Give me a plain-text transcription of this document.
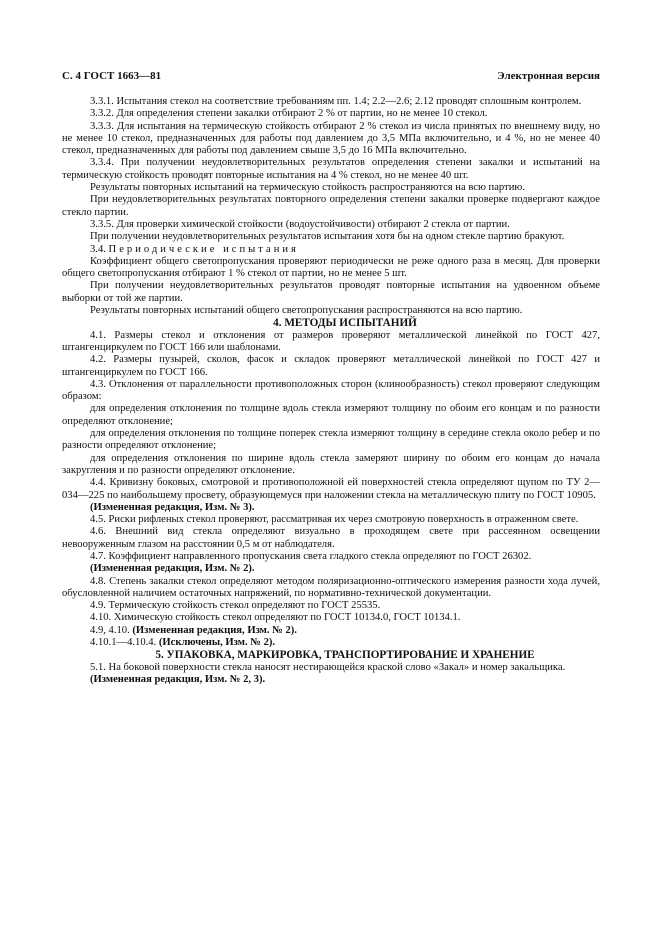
С. 4 ГОСТ 1663—81	Электронная версия

3.3.1. Испытания стекол на соответствие требованиям пп. 1.4; 2.2—2.6; 2.12 проводят сплошным контролем.

3.3.2. Для определения степени закалки отбирают 2 % от партии, но не менее 10 стекол.

3.3.3. Для испытания на термическую стойкость отбирают 2 % стекол из числа принятых по внешнему виду, но не менее 10 стекол, предназначенных для работы под давлением до 3,5 МПа включительно, и 4 %, но не менее 40 стекол, предназначенных для работы под давлением свыше 3,5 до 16 МПа включительно.

3.3.4. При получении неудовлетворительных результатов определения степени закалки и испытаний на термическую стойкость проводят повторные испытания на 4 % стекол, но не менее 40 шт.

Результаты повторных испытаний на термическую стойкость распространяются на всю партию.

При неудовлетворительных результатах повторного определения степени закалки проверке подвергают каждое стекло партии.

3.3.5. Для проверки химической стойкости (водоустойчивости) отбирают 2 стекла от партии.

При получении неудовлетворительных результатов испытания хотя бы на одном стекле партию бракуют.

3.4. Периодические испытания

Коэффициент общего светопропускания проверяют периодически не реже одного раза в месяц. Для проверки общего светопропускания отбирают 1 % стекол от партии, но не менее 5 шт.

При получении неудовлетворительных результатов проводят повторные испытания на удвоенном объеме выборки от той же партии.

Результаты повторных испытаний общего светопропускания распространяются на всю партию.

4. МЕТОДЫ ИСПЫТАНИЙ

4.1. Размеры стекол и отклонения от размеров проверяют металлической линейкой по ГОСТ 427, штангенциркулем по ГОСТ 166 или шаблонами.

4.2. Размеры пузырей, сколов, фасок и складок проверяют металлической линейкой по ГОСТ 427 и штангенциркулем по ГОСТ 166.

4.3. Отклонения от параллельности противоположных сторон (клинообразность) стекол проверяют следующим образом:

для определения отклонения по толщине вдоль стекла измеряют толщину по обоим его концам и по разности определяют отклонение;

для определения отклонения по толщине поперек стекла измеряют толщину в середине стекла около ребер и по разности определяют отклонение;

для определения отклонения по ширине вдоль стекла замеряют ширину по обоим его концам до начала закругления и по разности определяют отклонение.

4.4. Кривизну боковых, смотровой и противоположной ей поверхностей стекла определяют щупом по ТУ 2—034—225 по наибольшему просвету, образующемуся при наложении стекла на металлическую плиту по ГОСТ 10905.

(Измененная редакция, Изм. № 3).

4.5. Риски рифленых стекол проверяют, рассматривая их через смотровую поверхность в отраженном свете.

4.6. Внешний вид стекла определяют визуально в проходящем свете при рассеянном освещении невооруженным глазом на расстоянии 0,5 м от наблюдателя.

4.7. Коэффициент направленного пропускания света гладкого стекла определяют по ГОСТ 26302.

(Измененная редакция, Изм. № 2).

4.8. Степень закалки стекол определяют методом поляризационно-оптического измерения разности хода лучей, обусловленной наличием остаточных напряжений, по нормативно-технической документации.

4.9. Термическую стойкость стекол определяют по ГОСТ 25535.

4.10. Химическую стойкость стекол определяют по ГОСТ 10134.0, ГОСТ 10134.1.

4.9, 4.10. (Измененная редакция, Изм. № 2).

4.10.1—4.10.4. (Исключены, Изм. № 2).

5. УПАКОВКА, МАРКИРОВКА, ТРАНСПОРТИРОВАНИЕ И ХРАНЕНИЕ

5.1. На боковой поверхности стекла наносят нестирающейся краской слово «Закал» и номер закальщика.

(Измененная редакция, Изм. № 2, 3).
